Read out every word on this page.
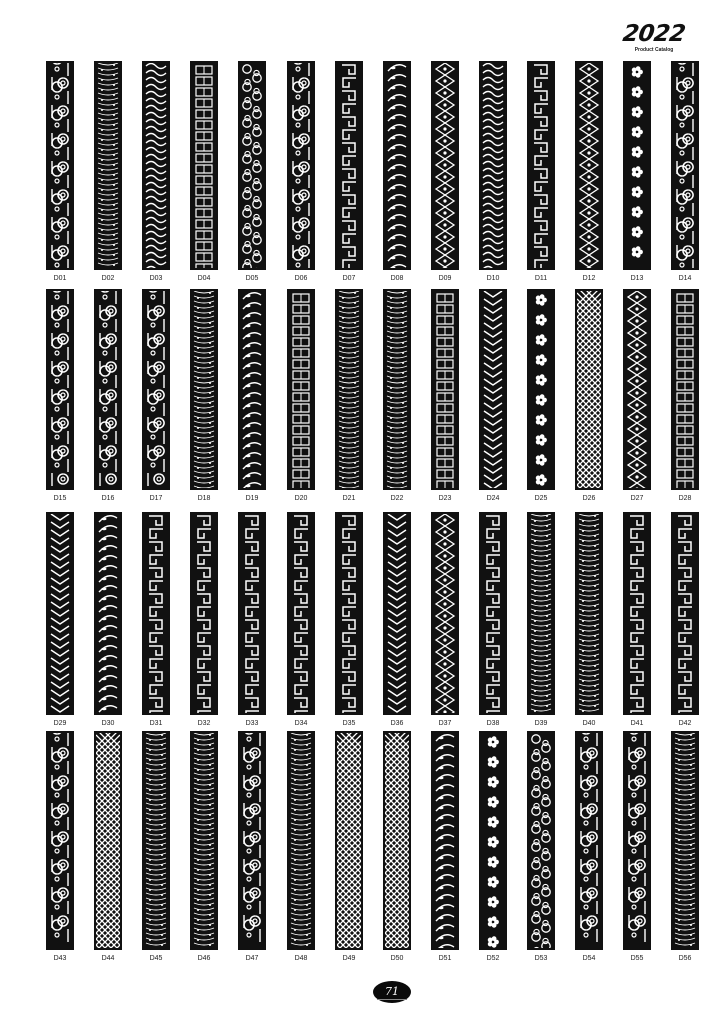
2022
Product Catalog
D01	D02	D03	D04	D05	D06	D07	D08	D09	D10	D11	D12	D13	D14
D15	D16	D17	D18	D19	D20	D21	D22	D23	D24	D25	D26	D27	D28
D29	D30	D31	D32	D33	D34	D35	D36	D37	D38	D39	D40	D41	D42
D43	D44	D45	D46	D47	D48	D49	D50	D51	D52	D53	D54	D55	D56
71
